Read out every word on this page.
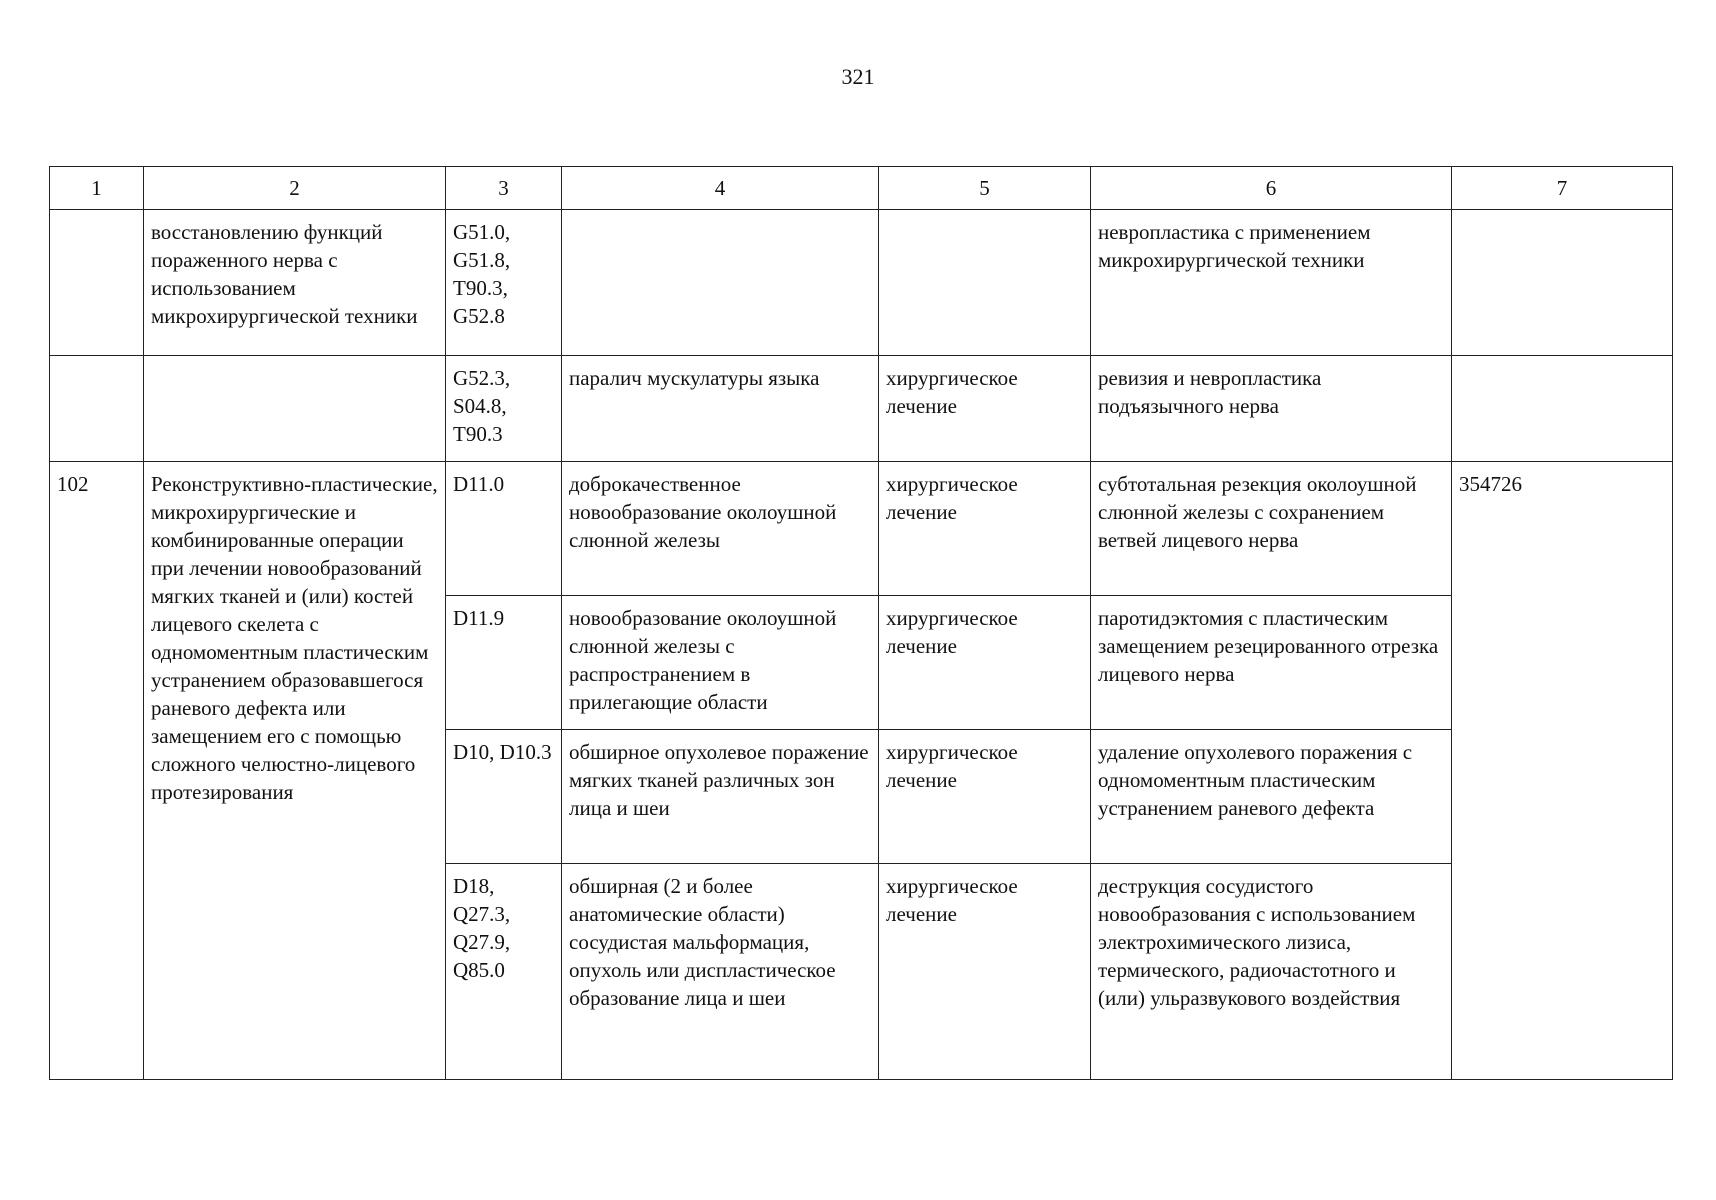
321
1	2	3	4	5	6	7
	восстановлению функций пораженного нерва с использованием микрохирургической техники	G51.0, G51.8, T90.3, G52.8			невропластика с применением микрохирургической техники	
		G52.3, S04.8, T90.3	паралич мускулатуры языка	хирургическое лечение	ревизия и невропластика подъязычного нерва	
102	Реконструктивно-пластические, микрохирургические и комбинированные операции при лечении новообразований мягких тканей и (или) костей лицевого скелета с одномоментным пластическим устранением образовавшегося раневого дефекта или замещением его с помощью сложного челюстно-лицевого протезирования	D11.0	доброкачественное новообразование околоушной слюнной железы	хирургическое лечение	субтотальная резекция околоушной слюнной железы с сохранением ветвей лицевого нерва	354726
		D11.9	новообразование околоушной слюнной железы с распространением в прилегающие области	хирургическое лечение	паротидэктомия с пластическим замещением резецированного отрезка лицевого нерва	
		D10, D10.3	обширное опухолевое поражение мягких тканей различных зон лица и шеи	хирургическое лечение	удаление опухолевого поражения с одномоментным пластическим устранением раневого дефекта	
		D18, Q27.3, Q27.9, Q85.0	обширная (2 и более анатомические области) сосудистая мальформация, опухоль или диспластическое образование лица и шеи	хирургическое лечение	деструкция сосудистого новообразования с использованием электрохимического лизиса, термического, радиочастотного и (или) ульразвукового воздействия	
